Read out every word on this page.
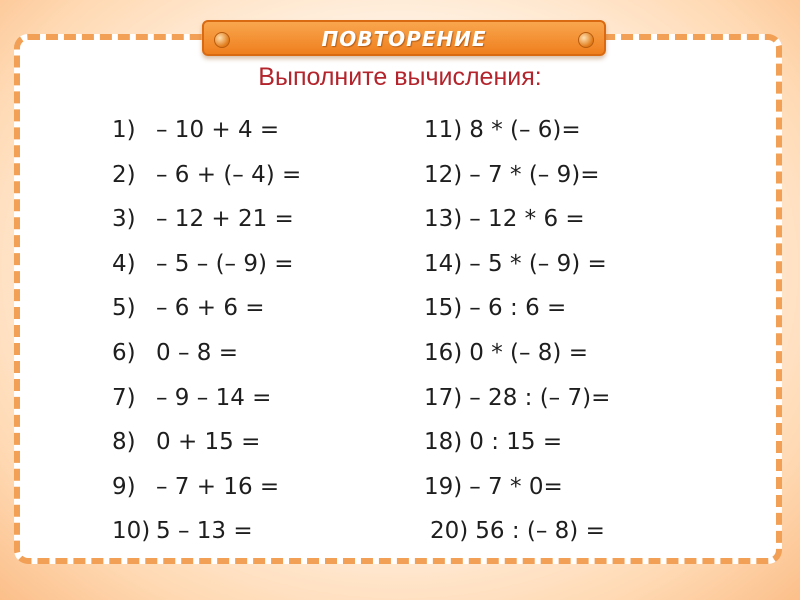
ПОВТОРЕНИЕ
Выполните вычисления:
1) – 10 + 4 =
2) – 6 + (– 4) =
3) – 12 + 21 =
4) – 5 – (– 9) =
5) – 6 + 6 =
6) 0 – 8 =
7) – 9 – 14 =
8) 0 + 15 =
9) – 7 + 16 =
10) 5 – 13 =
11) 8 * (– 6)=
12) – 7 * (– 9)=
13) – 12 * 6 =
14) – 5 * (– 9) =
15) – 6 : 6 =
16) 0 * (– 8) =
17) – 28 : (– 7)=
18) 0 : 15 =
19) – 7 * 0=
20) 56 : (– 8) =
